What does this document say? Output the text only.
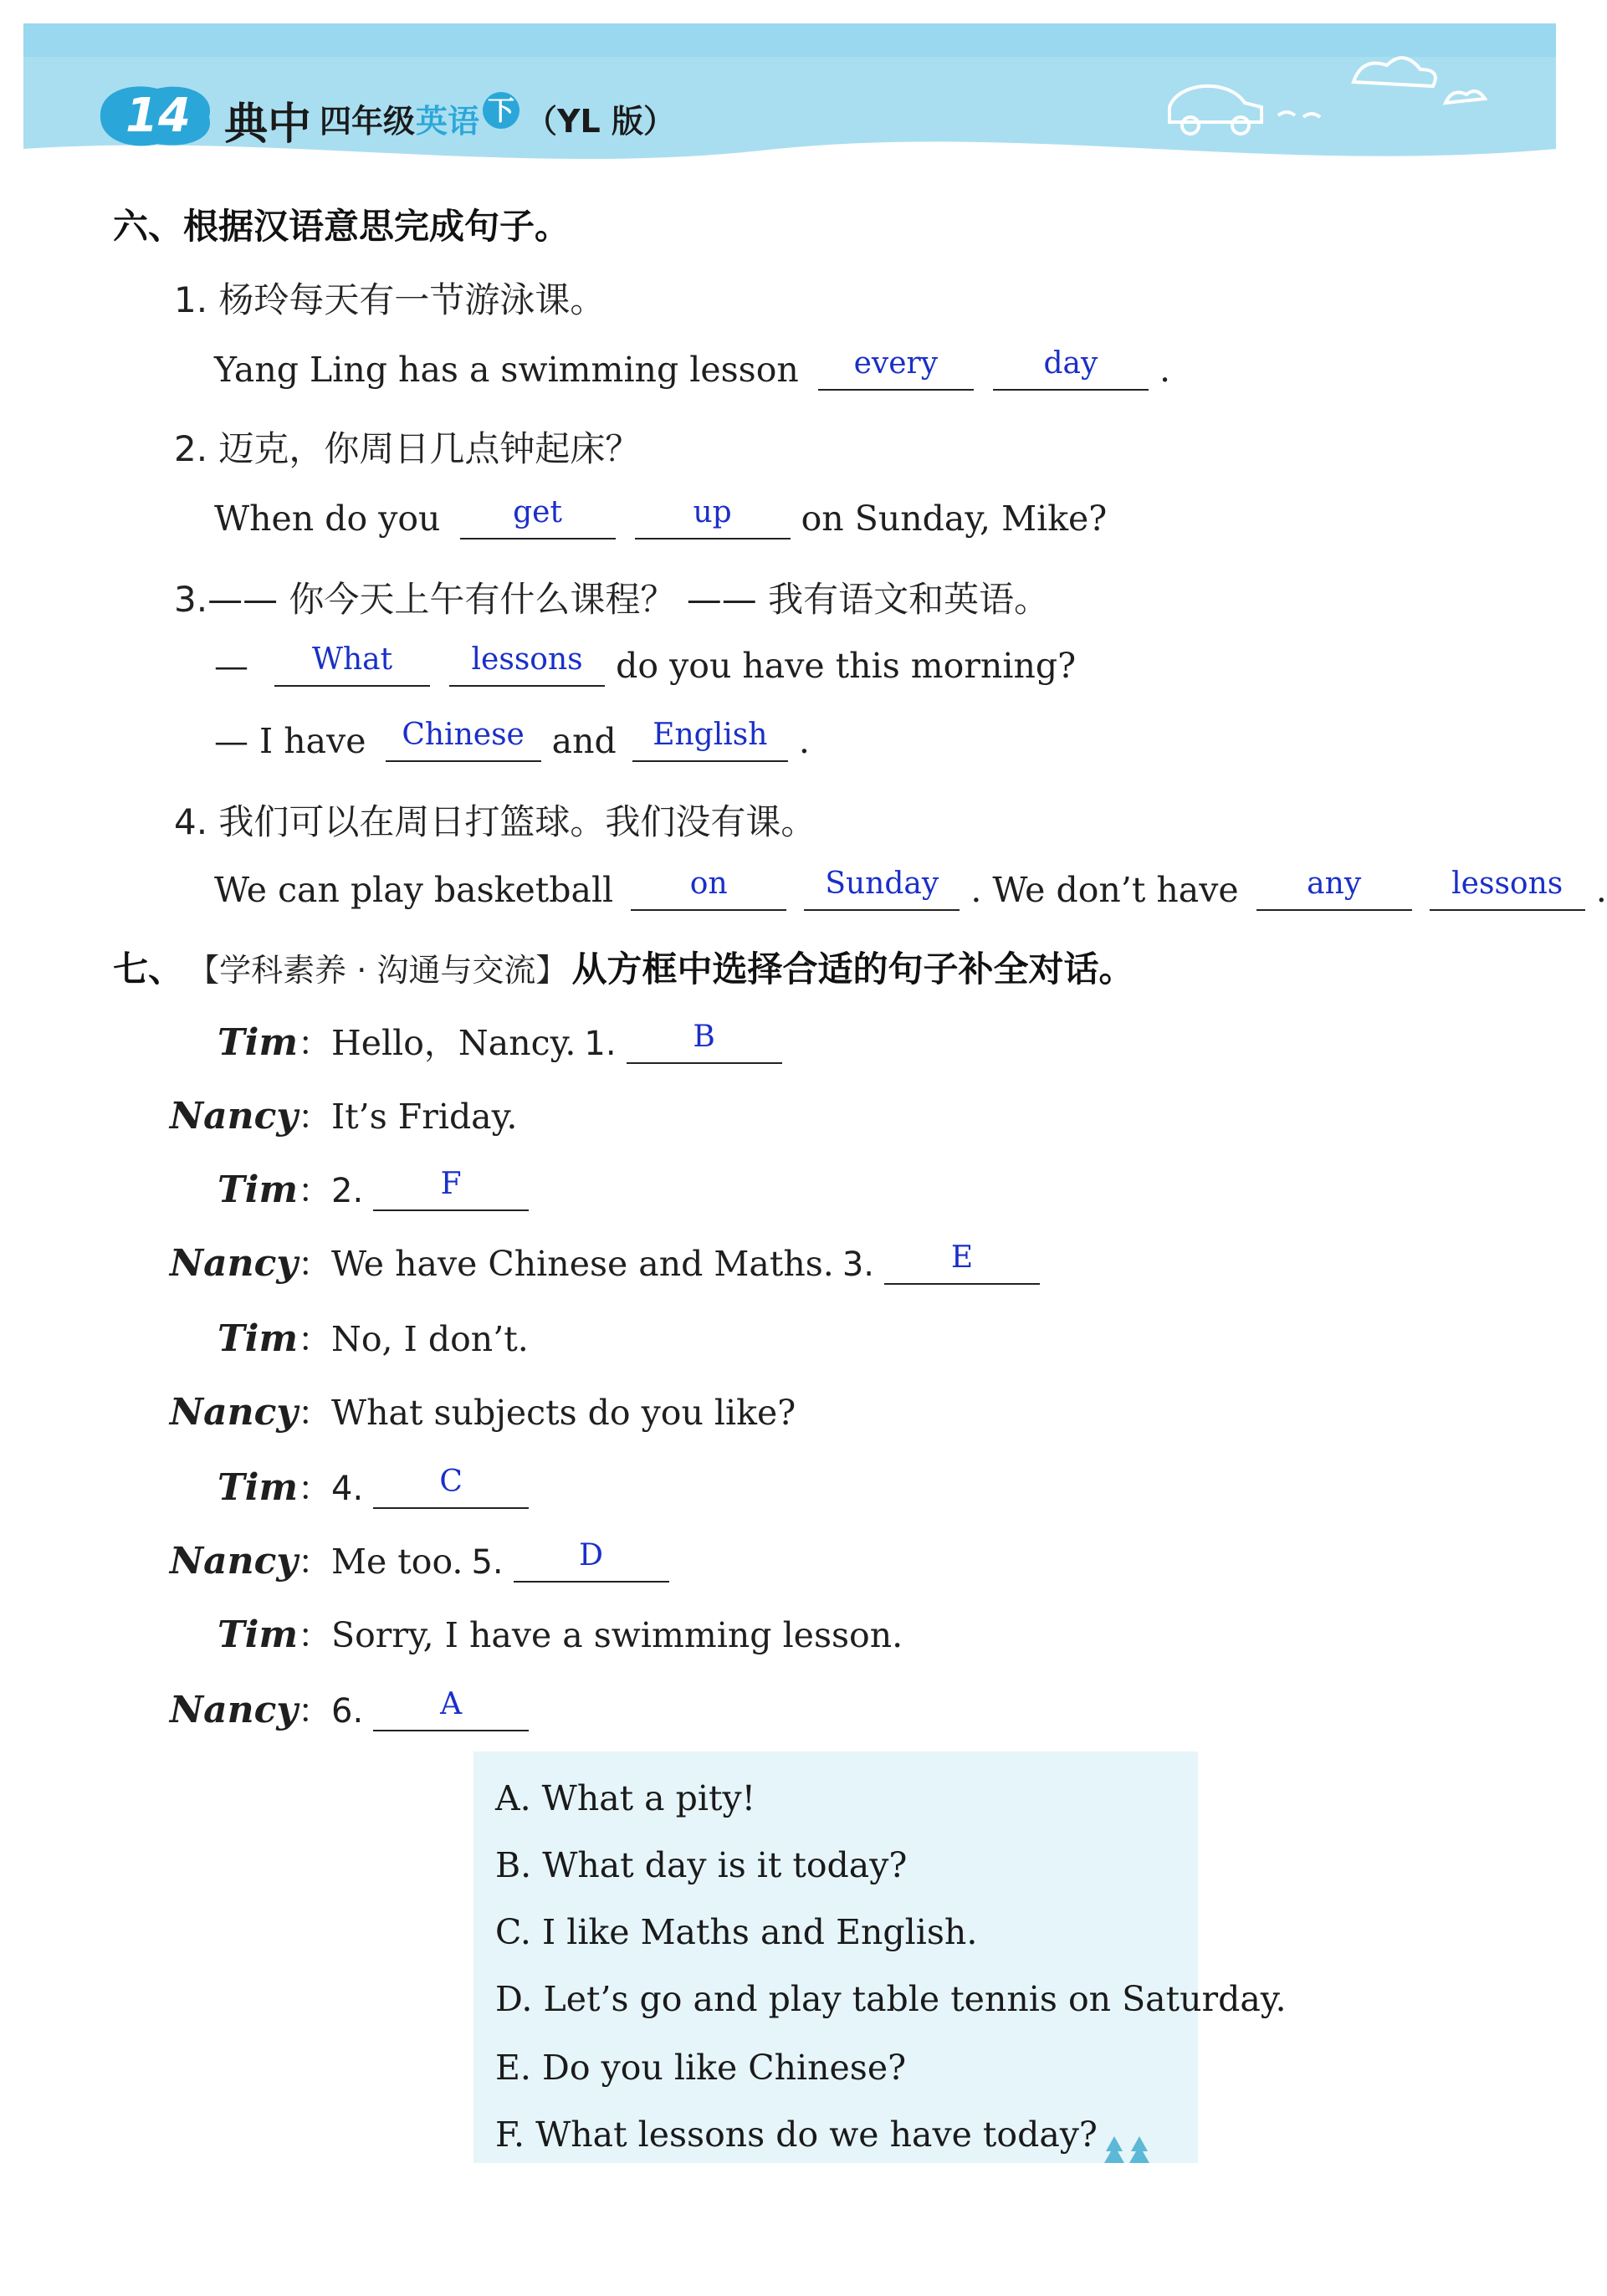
14 典中 四年级 英语 下 （YL 版）
六、根据汉语意思完成句子。
1. 杨玲每天有一节游泳课。
Yang Ling has a swimming lesson every	day .
2. 迈克，你周日几点钟起床？
When do you get	up on Sunday, Mike?
3.—— 你今天上午有什么课程？ —— 我有语文和英语。
— What	lessons do you have this morning?
— I have Chinese and English .
4. 我们可以在周日打篮球。我们没有课。
We can play basketball	on	Sunday . We don’t have any	lessons .
七、 【学科素养 · 沟通与交流】 从方框中选择合适的句子补全对话。
Tim：Hello，Nancy. 1.	B
Nancy：It’s Friday.
Tim：2.	F
Nancy：We have Chinese and Maths. 3.	E
Tim：No, I don’t.
Nancy：What subjects do you like?
Tim：4.	C
Nancy：Me too. 5.	D
Tim：Sorry, I have a swimming lesson.
Nancy：6.	A
A. What a pity!
B. What day is it today?
C. I like Maths and English.
D. Let’s go and play table tennis on Saturday.
E. Do you like Chinese?
F. What lessons do we have today?
